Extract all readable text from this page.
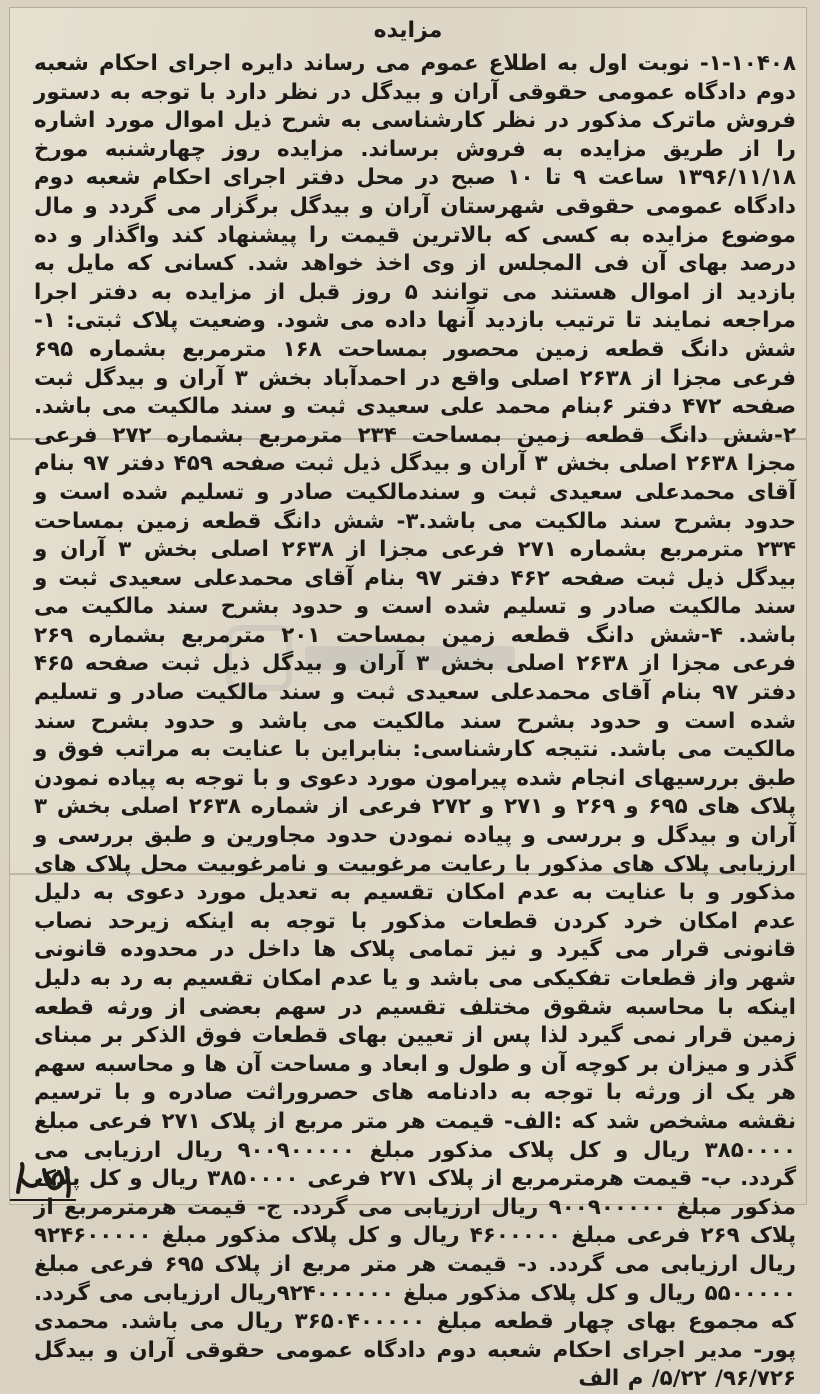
مزایده
۱-۱۰۴۰۸- نوبت اول به اطلاع عموم می رساند دایره اجرای احکام شعبه دوم دادگاه عمومی حقوقی آران و بیدگل در نظر دارد با توجه به دستور فروش ماترک مذکور در نظر کارشناسی به شرح ذیل اموال مورد اشاره را از طریق مزایده به فروش برساند. مزایده روز چهارشنبه مورخ ۱۳۹۶/۱۱/۱۸ ساعت ۹ تا ۱۰ صبح در محل دفتر اجرای احکام شعبه دوم دادگاه عمومی حقوقی شهرستان آران و بیدگل برگزار می گردد و مال موضوع مزایده به کسی که بالاترین قیمت را پیشنهاد کند واگذار و ده درصد بهای آن فی المجلس از وی اخذ خواهد شد. کسانی که مایل به بازدید از اموال هستند می توانند ۵ روز قبل از مزایده به دفتر اجرا مراجعه نمایند تا ترتیب بازدید آنها داده می شود. وضعیت پلاک ثبتی: ۱-شش دانگ قطعه زمین محصور بمساحت ۱۶۸ مترمربع بشماره ۶۹۵ فرعی مجزا از ۲۶۳۸ اصلی واقع در احمدآباد بخش ۳ آران و بیدگل ثبت صفحه ۴۷۲ دفتر ۶بنام محمد علی سعیدی ثبت و سند مالکیت می باشد. ۲-شش دانگ قطعه زمین بمساحت ۲۳۴ مترمربع بشماره ۲۷۲ فرعی مجزا ۲۶۳۸ اصلی بخش ۳ آران و بیدگل ذیل ثبت صفحه ۴۵۹ دفتر ۹۷ بنام آقای محمدعلی سعیدی ثبت و سندمالکیت صادر و تسلیم شده است و حدود بشرح سند مالکیت می باشد.۳- شش دانگ قطعه زمین بمساحت ۲۳۴ مترمربع بشماره ۲۷۱ فرعی مجزا از ۲۶۳۸ اصلی بخش ۳ آران و بیدگل ذیل ثبت صفحه ۴۶۲ دفتر ۹۷ بنام آقای محمدعلی سعیدی ثبت و سند مالکیت صادر و تسلیم شده است و حدود بشرح سند مالکیت می باشد. ۴-شش دانگ قطعه زمین بمساحت ۲۰۱ مترمربع بشماره ۲۶۹ فرعی مجزا از ۲۶۳۸ اصلی بخش ۳ آران و بیدگل ذیل ثبت صفحه ۴۶۵ دفتر ۹۷ بنام آقای محمدعلی سعیدی ثبت و سند مالکیت صادر و تسلیم شده است و حدود بشرح سند مالکیت می باشد و حدود بشرح سند مالکیت می باشد. نتیجه کارشناسی: بنابراین با عنایت به مراتب فوق و طبق بررسیهای انجام شده پیرامون مورد دعوی و با توجه به پیاده نمودن پلاک های ۶۹۵ و ۲۶۹ و ۲۷۱ و ۲۷۲ فرعی از شماره ۲۶۳۸ اصلی بخش ۳ آران و بیدگل و بررسی و پیاده نمودن حدود مجاورین و طبق بررسی و ارزیابی پلاک های مذکور با رعایت مرغوبیت و نامرغوبیت محل پلاک های مذکور و با عنایت به عدم امکان تقسیم به تعدیل مورد دعوی به دلیل عدم امکان خرد کردن قطعات مذکور با توجه به اینکه زیرحد نصاب قانونی قرار می گیرد و نیز تمامی پلاک ها داخل در محدوده قانونی شهر واز قطعات تفکیکی می باشد و یا عدم امکان تقسیم به رد به دلیل اینکه با محاسبه شقوق مختلف تقسیم در سهم بعضی از ورثه قطعه زمین قرار نمی گیرد لذا پس از تعیین بهای قطعات فوق الذکر بر مبنای گذر و میزان بر کوچه آن و طول و ابعاد و مساحت آن ها و محاسبه سهم هر یک از ورثه با توجه به دادنامه های حصروراثت صادره و با ترسیم نقشه مشخص شد که :الف- قیمت هر متر مربع از پلاک ۲۷۱ فرعی مبلغ ۳۸۵۰۰۰۰ ریال و کل پلاک مذکور مبلغ ۹۰۰۹۰۰۰۰۰ ریال ارزیابی می گردد. ب- قیمت هرمترمربع از پلاک ۲۷۱ فرعی ۳۸۵۰۰۰۰ ریال و کل پلاک مذکور مبلغ ۹۰۰۹۰۰۰۰۰ ریال ارزیابی می گردد. ج- قیمت هرمترمربع از پلاک ۲۶۹ فرعی مبلغ ۴۶۰۰۰۰۰ ریال و کل پلاک مذکور مبلغ ۹۲۴۶۰۰۰۰۰ ریال ارزیابی می گردد. د- قیمت هر متر مربع از پلاک ۶۹۵ فرعی مبلغ ۵۵۰۰۰۰۰ ریال و کل پلاک مذکور مبلغ ۹۲۴۰۰۰۰۰۰ریال ارزیابی می گردد. که مجموع بهای چهار قطعه مبلغ ۳۶۵۰۴۰۰۰۰۰ ریال می باشد. محمدی پور- مدیر اجرای احکام شعبه دوم دادگاه عمومی حقوقی آران و بیدگل ۹۶/۷۲۶/ ۵/۲۲/ م الف
